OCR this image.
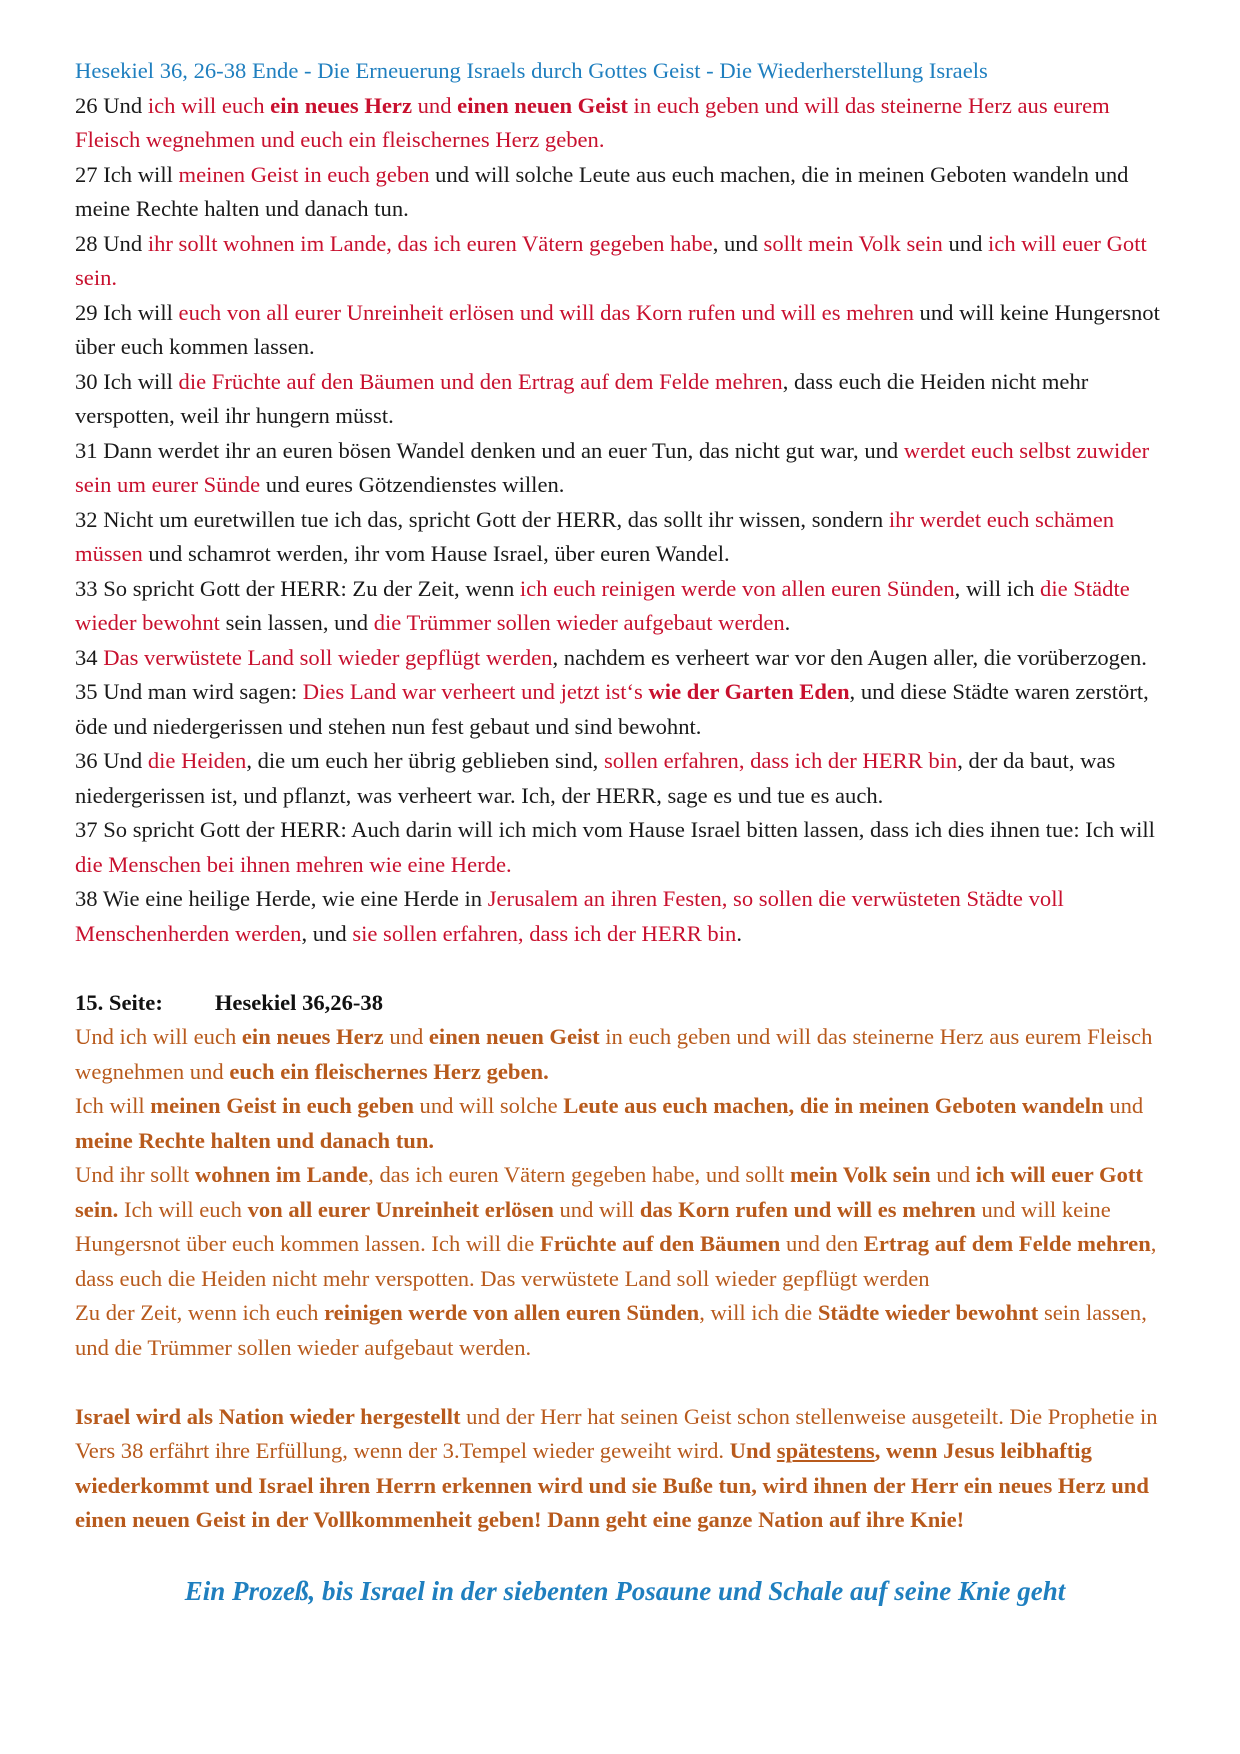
Hesekiel 36, 26-38 Ende - Die Erneuerung Israels durch Gottes Geist - Die Wiederherstellung Israels
26 Und ich will euch ein neues Herz und einen neuen Geist in euch geben und will das steinerne Herz aus eurem Fleisch wegnehmen und euch ein fleischernes Herz geben.
27 Ich will meinen Geist in euch geben und will solche Leute aus euch machen, die in meinen Geboten wandeln und meine Rechte halten und danach tun.
28 Und ihr sollt wohnen im Lande, das ich euren Vätern gegeben habe, und sollt mein Volk sein und ich will euer Gott sein.
29 Ich will euch von all eurer Unreinheit erlösen und will das Korn rufen und will es mehren und will keine Hungersnot über euch kommen lassen.
30 Ich will die Früchte auf den Bäumen und den Ertrag auf dem Felde mehren, dass euch die Heiden nicht mehr verspotten, weil ihr hungern müsst.
31 Dann werdet ihr an euren bösen Wandel denken und an euer Tun, das nicht gut war, und werdet euch selbst zuwider sein um eurer Sünde und eures Götzendienstes willen.
32 Nicht um euretwillen tue ich das, spricht Gott der HERR, das sollt ihr wissen, sondern ihr werdet euch schämen müssen und schamrot werden, ihr vom Hause Israel, über euren Wandel.
33 So spricht Gott der HERR: Zu der Zeit, wenn ich euch reinigen werde von allen euren Sünden, will ich die Städte wieder bewohnt sein lassen, und die Trümmer sollen wieder aufgebaut werden.
34 Das verwüstete Land soll wieder gepflügt werden, nachdem es verheert war vor den Augen aller, die vorüberzogen.
35 Und man wird sagen: Dies Land war verheert und jetzt ist‘s wie der Garten Eden, und diese Städte waren zerstört, öde und niedergerissen und stehen nun fest gebaut und sind bewohnt.
36 Und die Heiden, die um euch her übrig geblieben sind, sollen erfahren, dass ich der HERR bin, der da baut, was niedergerissen ist, und pflanzt, was verheert war. Ich, der HERR, sage es und tue es auch.
37 So spricht Gott der HERR: Auch darin will ich mich vom Hause Israel bitten lassen, dass ich dies ihnen tue: Ich will die Menschen bei ihnen mehren wie eine Herde.
38 Wie eine heilige Herde, wie eine Herde in Jerusalem an ihren Festen, so sollen die verwüsteten Städte voll Menschenherden werden, und sie sollen erfahren, dass ich der HERR bin.
15. Seite: Hesekiel 36,26-38
Und ich will euch ein neues Herz und einen neuen Geist in euch geben und will das steinerne Herz aus eurem Fleisch wegnehmen und euch ein fleischernes Herz geben.
Ich will meinen Geist in euch geben und will solche Leute aus euch machen, die in meinen Geboten wandeln und meine Rechte halten und danach tun.
Und ihr sollt wohnen im Lande, das ich euren Vätern gegeben habe, und sollt mein Volk sein und ich will euer Gott sein. Ich will euch von all eurer Unreinheit erlösen und will das Korn rufen und will es mehren und will keine Hungersnot über euch kommen lassen. Ich will die Früchte auf den Bäumen und den Ertrag auf dem Felde mehren, dass euch die Heiden nicht mehr verspotten. Das verwüstete Land soll wieder gepflügt werden
Zu der Zeit, wenn ich euch reinigen werde von allen euren Sünden, will ich die Städte wieder bewohnt sein lassen, und die Trümmer sollen wieder aufgebaut werden.
Israel wird als Nation wieder hergestellt und der Herr hat seinen Geist schon stellenweise ausgeteilt. Die Prophetie in Vers 38 erfährt ihre Erfüllung, wenn der 3.Tempel wieder geweiht wird. Und spätestens, wenn Jesus leibhaftig wiederkommt und Israel ihren Herrn erkennen wird und sie Buße tun, wird ihnen der Herr ein neues Herz und einen neuen Geist in der Vollkommenheit geben! Dann geht eine ganze Nation auf ihre Knie!
Ein Prozeß, bis Israel in der siebenten Posaune und Schale auf seine Knie geht
